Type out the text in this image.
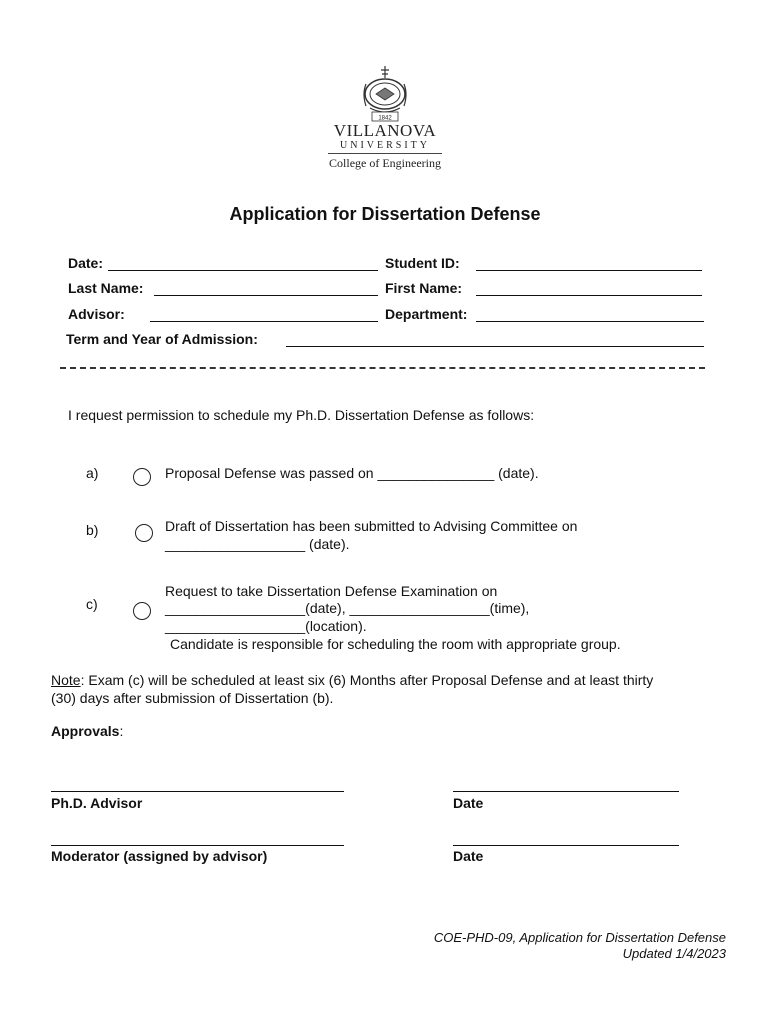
1842
VILLANOVA
UNIVERSITY
College of Engineering
Application for Dissertation Defense
Date:	Student ID:
Last Name:	First Name:
Advisor:	Department:
Term and Year of Admission:
I request permission to schedule my Ph.D. Dissertation Defense as follows:
a)	Proposal Defense was passed on _______________ (date).
b)	Draft of Dissertation has been submitted to Advising Committee on
__________________ (date).
c)
Request to take Dissertation Defense Examination on
__________________(date), __________________(time),
__________________(location).
Candidate is responsible for scheduling the room with appropriate group.
Note: Exam (c) will be scheduled at least six (6) Months after Proposal Defense and at least thirty
(30) days after submission of Dissertation (b).
Approvals:
Ph.D. Advisor	Date
Moderator (assigned by advisor)	Date
COE-PHD-09, Application for Dissertation Defense
Updated 1/4/2023
